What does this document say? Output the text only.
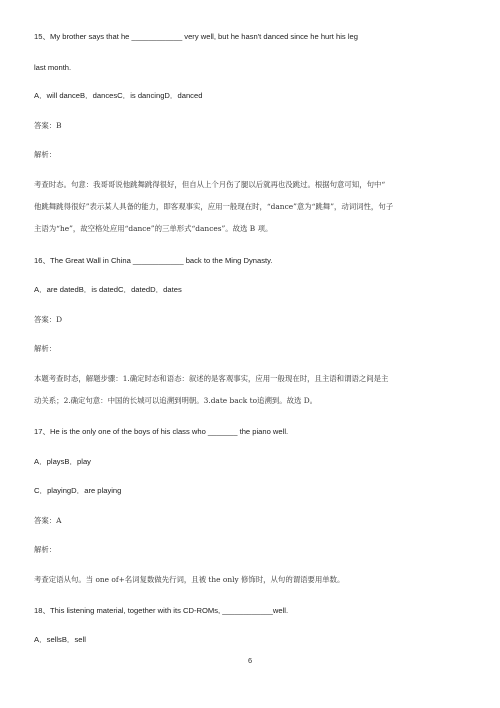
15、My brother says that he ____________ very well, but he hasn't danced since he hurt his leg
last month.
A．will danceB．dancesC．is dancingD．danced
答案：B
解析：
考查时态。句意：我哥哥说他跳舞跳得很好，但自从上个月伤了腿以后就再也没跳过。根据句意可知，句中“
他跳舞跳得很好”表示某人具备的能力，即客观事实，应用一般现在时，“dance”意为“跳舞”，动词词性，句子
主语为“he”，故空格处应用“dance”的三单形式“dances”。故选 B 项。
16、The Great Wall in China ____________ back to the Ming Dynasty.
A．are datedB．is datedC．datedD．dates
答案：D
解析：
本题考查时态，解题步骤：1.确定时态和语态：叙述的是客观事实，应用一般现在时，且主语和谓语之间是主
动关系；2.确定句意：中国的长城可以追溯到明朝。3.date back to追溯到。故选 D。
17、He is the only one of the boys of his class who _______ the piano well.
A．playsB．play
C．playingD．are playing
答案：A
解析：
考查定语从句。当 one of+名词复数做先行词，且被 the only 修饰时，从句的谓语要用单数。
18、This listening material, together with its CD-ROMs, ____________well.
A．sellsB．sell
6
